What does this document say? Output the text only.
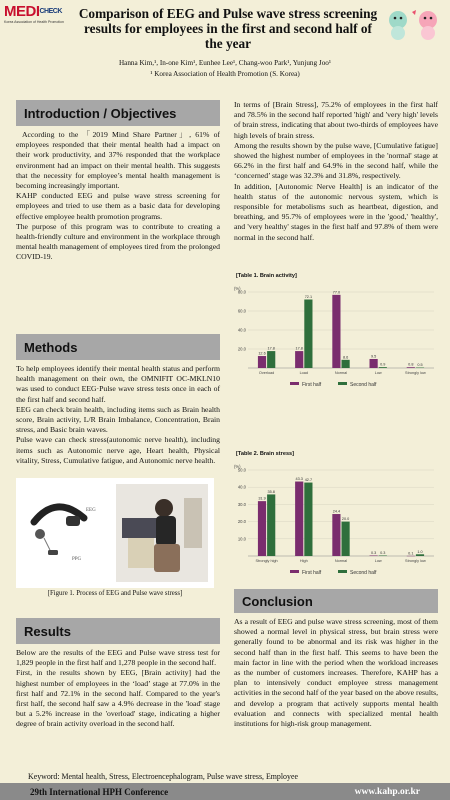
$MEDI^{CHECK}$
Korea Association of Health Promotion
Comparison of EEG and Pulse wave stress screening results for employees in the first and second half of the year
Hanna Kim,¹, In-one Kim¹, Eunhee Lee¹, Chang-woo Park¹, Yunjung Joo¹
¹ Korea Association of Health Promotion (S. Korea)
Introduction / Objectives

According to the 「2019 Mind Share Partner」, 61% of employees responded that their mental health had a impact on their work productivity, and 37% responded that the workplace environment had an impact on their mental health. This suggests that the necessity for employee’s mental health management is becoming increasingly important.

KAHP conducted EEG and pulse wave stress screening for employees and tried to use them as a basic data for developing effective employee health promotion programs.

The purpose of this program was to contribute to creating a health-friendly culture and environment in the workplace through mental health management of employees tired from the prolonged COVID-19.

Methods

To help employees identify their mental health status and perform health management on their own, the OMNIFIT OC-MKLN10 was used to conduct EEG·Pulse wave stress tests once in each of the first half and second half.

EEG can check brain health, including items such as Brain health score, Brain activity, L/R Brain Imbalance, Concentration, Brain stress, and Basic brain waves.

Pulse wave can check stress(autonomic nerve health), including items such as Autonomic nerve age, Heart health, Physical vitality, Stress, Cumulative fatigue, and Autonomic nerve health.

EEG
PPG
[Figure 1. Process of EEG and Pulse wave stress]
Results

Below are the results of the EEG and Pulse wave stress test for 1,829 people in the first half and 1,278 people in the second half.

First, in the results shown by EEG, [Brain activity] had the highest number of employees in the ‘load’ stage at 77.0% in the first half and 72.1% in the second half. Compared to the year's first half, the second half saw a 4.9% decrease in the 'load' stage but a 5.2% increase in the 'overload' stage, indicating a higher degree of brain activity overload in the second half.

In terms of [Brain Stress], 75.2% of employees in the first half and 78.5% in the second half reported 'high' and 'very high' levels of brain stress, indicating that about two-thirds of employees have high levels of brain stress.

Among the results shown by the pulse wave, [Cumulative fatigue] showed the highest number of employees in the 'normal' stage at 66.2% in the first half and 64.9% in the second half, while the ‘concerned’ stage was 32.3% and 31.8%, respectively.

In addition, [Autonomic Nerve Health] is an indicator of the health status of the autonomic nervous system, which is responsible for metabolisms such as heartbeat, digestion, and breathing, and 95.7% of employees were in the 'good,' 'healthy', and 'very healthy' stages in the first half and 97.8% of them were normal in the second half.

[Table 1. Brain activity]
(%)
80.0
60.0
40.0
20.0
12.6
17.8
Overload
17.8
72.1
Load
77.0
8.6
Normal
9.5
0.9
Low
0.8 0.5
Strongly low
First half	Second half
[Table 2. Brain stress]
(%)
50.0
40.0
30.0
20.0
10.0
31.9
35.8
Strongly high
43.3 42.7
High
24.4
20.0
Normal
0.3 0.3
Low
0.1 1.0
Strongly low
First half	Second half
Conclusion

As a result of EEG and pulse wave stress screening, most of them showed a normal level in physical stress, but brain stress were generally found to be abnormal and its risk was higher in the second half than in the first half. This seems to have been the main factor in line with the period when the workload increases as the number of customers increases. Therefore, KAHP has a plan to intensively conduct employee stress management activities in the second half of the year based on the above results, and develop a program that actively supports mental health evaluation and connects with specialized mental health institutions for high-risk group management.

Keyword: Mental health, Stress, Electroencephalogram, Pulse wave stress, Employee
29th International HPH Conference	www.kahp.or.kr
